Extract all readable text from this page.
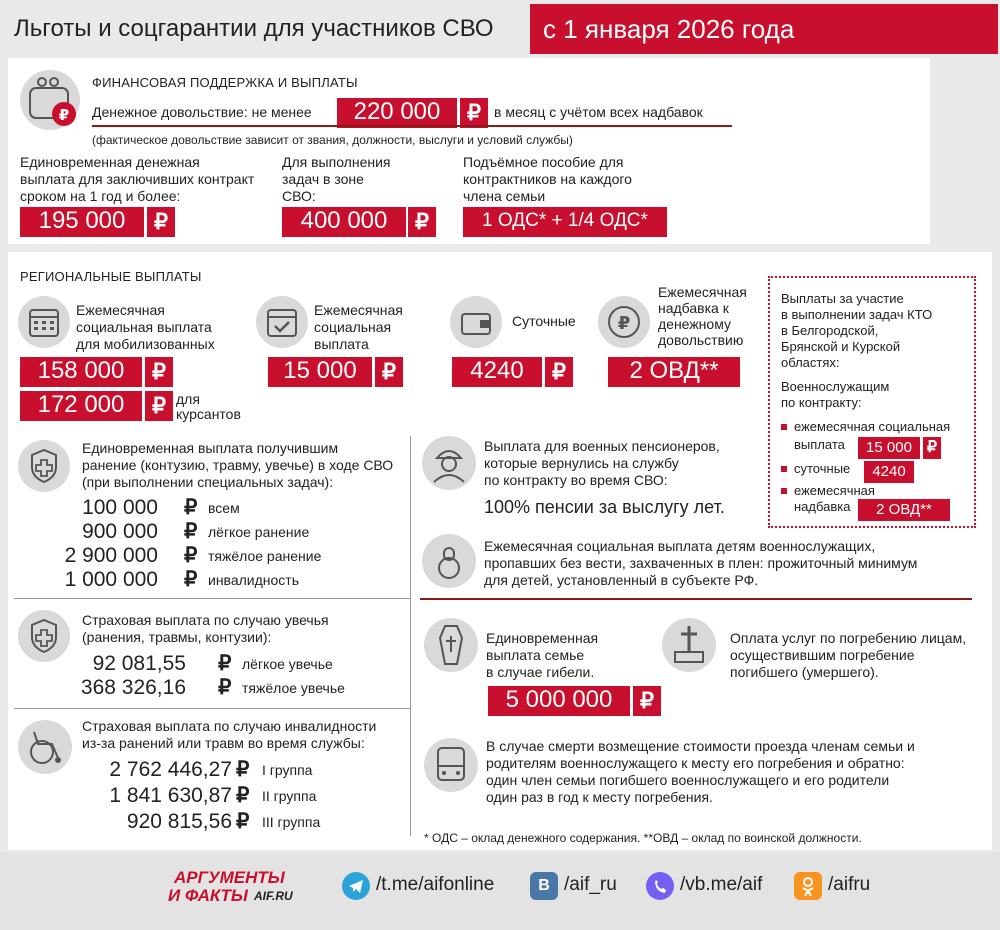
Льготы и соцгарантии для участников СВО с 1 января 2026 года
₽
ФИНАНСОВАЯ ПОДДЕРЖКА И ВЫПЛАТЫ
Денежное довольствие: не менее	220 000	₽ в месяц с учётом всех надбавок
(фактическое довольствие зависит от звания, должности, выслуги и условий службы)
Единовременная денежная
выплата для заключивших контракт
сроком на 1 год и более:
195 000	₽
Для выполнения
задач в зоне
СВО:
400 000	₽
Подъёмное пособие для
контрактников на каждого
члена семьи
1 ОДС* + 1/4 ОДС*
РЕГИОНАЛЬНЫЕ ВЫПЛАТЫ
Ежемесячная
социальная выплата
для мобилизованных
158 000	₽
172 000	₽ для
курсантов
Ежемесячная
социальная
выплата
15 000	₽
Суточные
4240	₽
₽
Ежемесячная
надбавка к
денежному
довольствию
2 ОВД**
Выплаты за участие
в выполнении задач КТО
в Белгородской,
Брянской и Курской
областях:
Военнослужащим
по контракту:
ежемесячная социальная
выплата	15 000 ₽
суточные	4240
ежемесячная
надбавка	2 ОВД**
Единовременная выплата получившим
ранение (контузию, травму, увечье) в ходе СВО
(при выполнении специальных задач):
100 000 ₽ всем
900 000 ₽ лёгкое ранение
2 900 000 ₽ тяжёлое ранение
1 000 000 ₽ инвалидность
Выплата для военных пенсионеров,
которые вернулись на службу
по контракту во время СВО:
100% пенсии за выслугу лет.
Ежемесячная социальная выплата детям военнослужащих,
пропавших без вести, захваченных в плен: прожиточный минимум
для детей, установленный в субъекте РФ.
Страховая выплата по случаю увечья
(ранения, травмы, контузии):
92 081,55 ₽ лёгкое увечье
368 326,16 ₽ тяжёлое увечье
Единовременная
выплата семье
в случае гибели.
5 000 000	₽
Оплата услуг по погребению лицам,
осуществившим погребение
погибшего (умершего).
Страховая выплата по случаю инвалидности
из-за ранений или травм во время службы:
2 762 446,27 ₽ I группа
1 841 630,87 ₽ II группа
920 815,56 ₽ III группа
В случае смерти возмещение стоимости проезда членам семьи и
родителям военнослужащего к месту его погребения и обратно:
один член семьи погибшего военнослужащего и его родители
один раз в год к месту погребения.
* ОДС – оклад денежного содержания. **ОВД – оклад по воинской должности.
АРГУМЕНТЫ
И ФАКТЫ AIF.RU
/t.me/aifonline	В /aif_ru	/vb.me/aif	/aifru
